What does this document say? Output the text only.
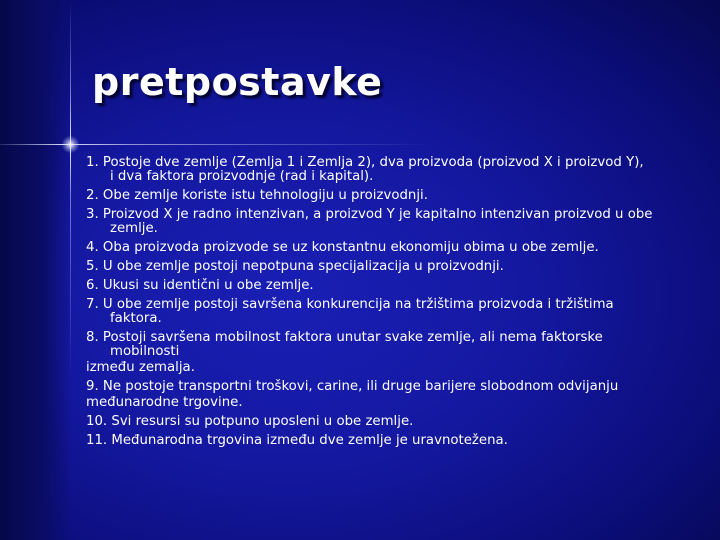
pretpostavke
1. Postoje dve zemlje (Zemlja 1 i Zemlja 2), dva proizvoda (proizvod X i proizvod Y),
i dva faktora proizvodnje (rad i kapital).
2. Obe zemlje koriste istu tehnologiju u proizvodnji.
3. Proizvod X je radno intenzivan, a proizvod Y je kapitalno intenzivan proizvod u obe
zemlje.
4. Oba proizvoda proizvode se uz konstantnu ekonomiju obima u obe zemlje.
5. U obe zemlje postoji nepotpuna specijalizacija u proizvodnji.
6. Ukusi su identični u obe zemlje.
7. U obe zemlje postoji savršena konkurencija na tržištima proizvoda i tržištima
faktora.
8. Postoji savršena mobilnost faktora unutar svake zemlje, ali nema faktorske
mobilnosti
između zemalja.
9. Ne postoje transportni troškovi, carine, ili druge barijere slobodnom odvijanju
međunarodne trgovine.
10. Svi resursi su potpuno uposleni u obe zemlje.
11. Međunarodna trgovina između dve zemlje je uravnotežena.
